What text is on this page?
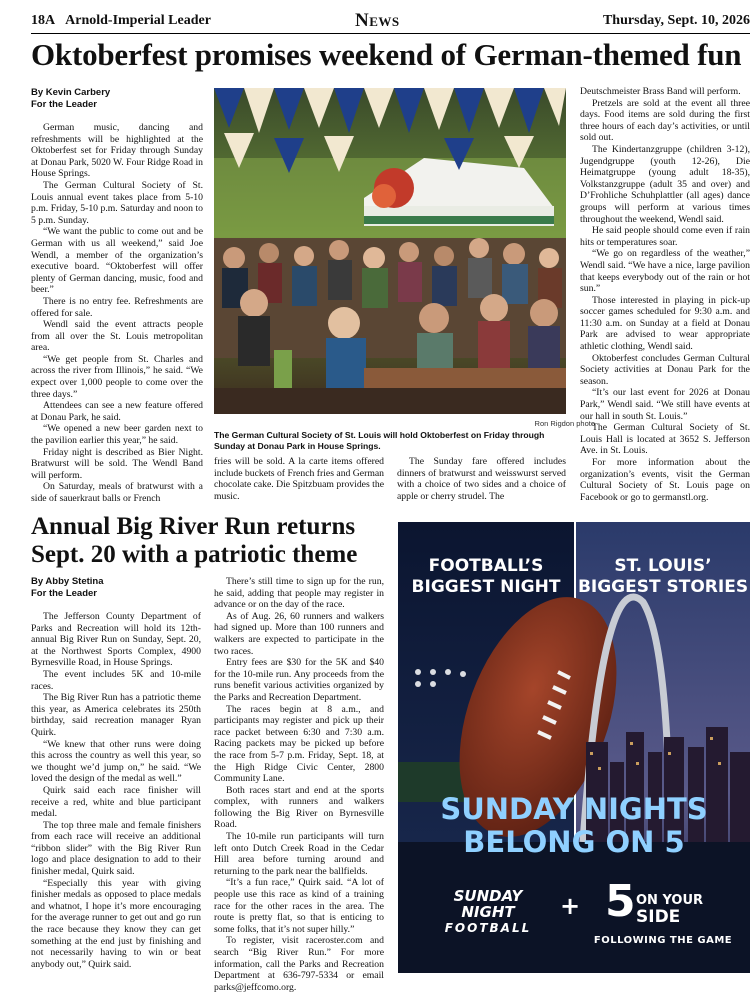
18A Arnold-Imperial Leader	News	Thursday, Sept. 10, 2026
Oktoberfest promises weekend of German-themed fun
By Kevin Carbery
For the Leader

German music, dancing and refreshments will be highlighted at the Oktoberfest set for Friday through Sunday at Donau Park, 5020 W. Four Ridge Road in House Springs.

The German Cultural Society of St. Louis annual event takes place from 5-10 p.m. Friday, 5-10 p.m. Saturday and noon to 5 p.m. Sunday.

“We want the public to come out and be German with us all weekend,” said Joe Wendl, a member of the organization’s executive board. “Oktoberfest will offer plenty of German dancing, music, food and beer.”

There is no entry fee. Refreshments are offered for sale.

Wendl said the event attracts people from all over the St. Louis metropolitan area.

“We get people from St. Charles and across the river from Illinois,” he said. “We expect over 1,000 people to come over the three days.”

Attendees can see a new feature offered at Donau Park, he said.

“We opened a new beer garden next to the pavilion earlier this year,” he said.

Friday night is described as Bier Night. Bratwurst will be sold. The Wendl Band will perform.

On Saturday, meals of bratwurst with a side of sauerkraut balls or French

Ron Rigdon photo
The German Cultural Society of St. Louis will hold Oktoberfest on Friday through Sunday at Donau Park in House Springs.

fries will be sold. A la carte items offered include buckets of French fries and German chocolate cake. Die Spitzbuam provides the music.

The Sunday fare offered includes dinners of bratwurst and weisswurst served with a choice of two sides and a choice of apple or cherry strudel. The

Deutschmeister Brass Band will perform.

Pretzels are sold at the event all three days. Food items are sold during the first three hours of each day’s activities, or until sold out.

The Kindertanzgruppe (children 3-12), Jugendgruppe (youth 12-26), Die Heimatgruppe (young adult 18-35), Volkstanzgruppe (adult 35 and over) and D’Frohliche Schuhplattler (all ages) dance groups will perform at various times throughout the weekend, Wendl said.

He said people should come even if rain hits or temperatures soar.

“We go on regardless of the weather,” Wendl said. “We have a nice, large pavilion that keeps everybody out of the rain or hot sun.”

Those interested in playing in pick-up soccer games scheduled for 9:30 a.m. and 11:30 a.m. on Sunday at a field at Donau Park are advised to wear appropriate athletic clothing, Wendl said.

Oktoberfest concludes German Cultural Society activities at Donau Park for the season.

“It’s our last event for 2026 at Donau Park,” Wendl said. “We still have events at our hall in south St. Louis.”

The German Cultural Society of St. Louis Hall is located at 3652 S. Jefferson Ave. in St. Louis.

For more information about the organization’s events, visit the German Cultural Society of St. Louis page on Facebook or go to germanstl.org.

Annual Big River Run returns Sept. 20 with a patriotic theme
By Abby Stetina
For the Leader

The Jefferson County Department of Parks and Recreation will hold its 12th-annual Big River Run on Sunday, Sept. 20, at the Northwest Sports Complex, 4900 Byrnesville Road, in House Springs.

The event includes 5K and 10-mile races.

The Big River Run has a patriotic theme this year, as America celebrates its 250th birthday, said recreation manager Ryan Quirk.

“We knew that other runs were doing this across the country as well this year, so we thought we’d jump on,” he said. “We loved the design of the medal as well.”

Quirk said each race finisher will receive a red, white and blue participant medal.

The top three male and female finishers from each race will receive an additional “ribbon slider” with the Big River Run logo and place designation to add to their finisher medal, Quirk said.

“Especially this year with giving finisher medals as opposed to place medals and whatnot, I hope it’s more encouraging for the average runner to get out and go run the race because they know they can get something at the end just by finishing and not necessarily having to win or beat anybody out,” Quirk said.

There’s still time to sign up for the run, he said, adding that people may register in advance or on the day of the race.

As of Aug. 26, 60 runners and walkers had signed up. More than 100 runners and walkers are expected to participate in the two races.

Entry fees are $30 for the 5K and $40 for the 10-mile run. Any proceeds from the runs benefit various activities organized by the Parks and Recreation Department.

The races begin at 8 a.m., and participants may register and pick up their race packet between 6:30 and 7:30 a.m. Racing packets may be picked up before the race from 5-7 p.m. Friday, Sept. 18, at the High Ridge Civic Center, 2800 Community Lane.

Both races start and end at the sports complex, with runners and walkers following the Big River on Byrnesville Road.

The 10-mile run participants will turn left onto Dutch Creek Road in the Cedar Hill area before turning around and returning to the park near the ballfields.

“It’s a fun race,” Quirk said. “A lot of people use this race as kind of a training race for the other races in the area. The route is pretty flat, so that is enticing to some folks, that it’s not super hilly.”

To register, visit raceroster.com and search “Big River Run.” For more information, call the Parks and Recreation Department at 636-797-5334 or email parks@jeffcomo.org.

FOOTBALL’S BIGGEST NIGHT
ST. LOUIS’ BIGGEST STORIES
SUNDAY NIGHTS
BELONG ON 5
SUNDAY NIGHT
FOOTBALL
+ 5 ON YOUR
SIDE
FOLLOWING THE GAME
